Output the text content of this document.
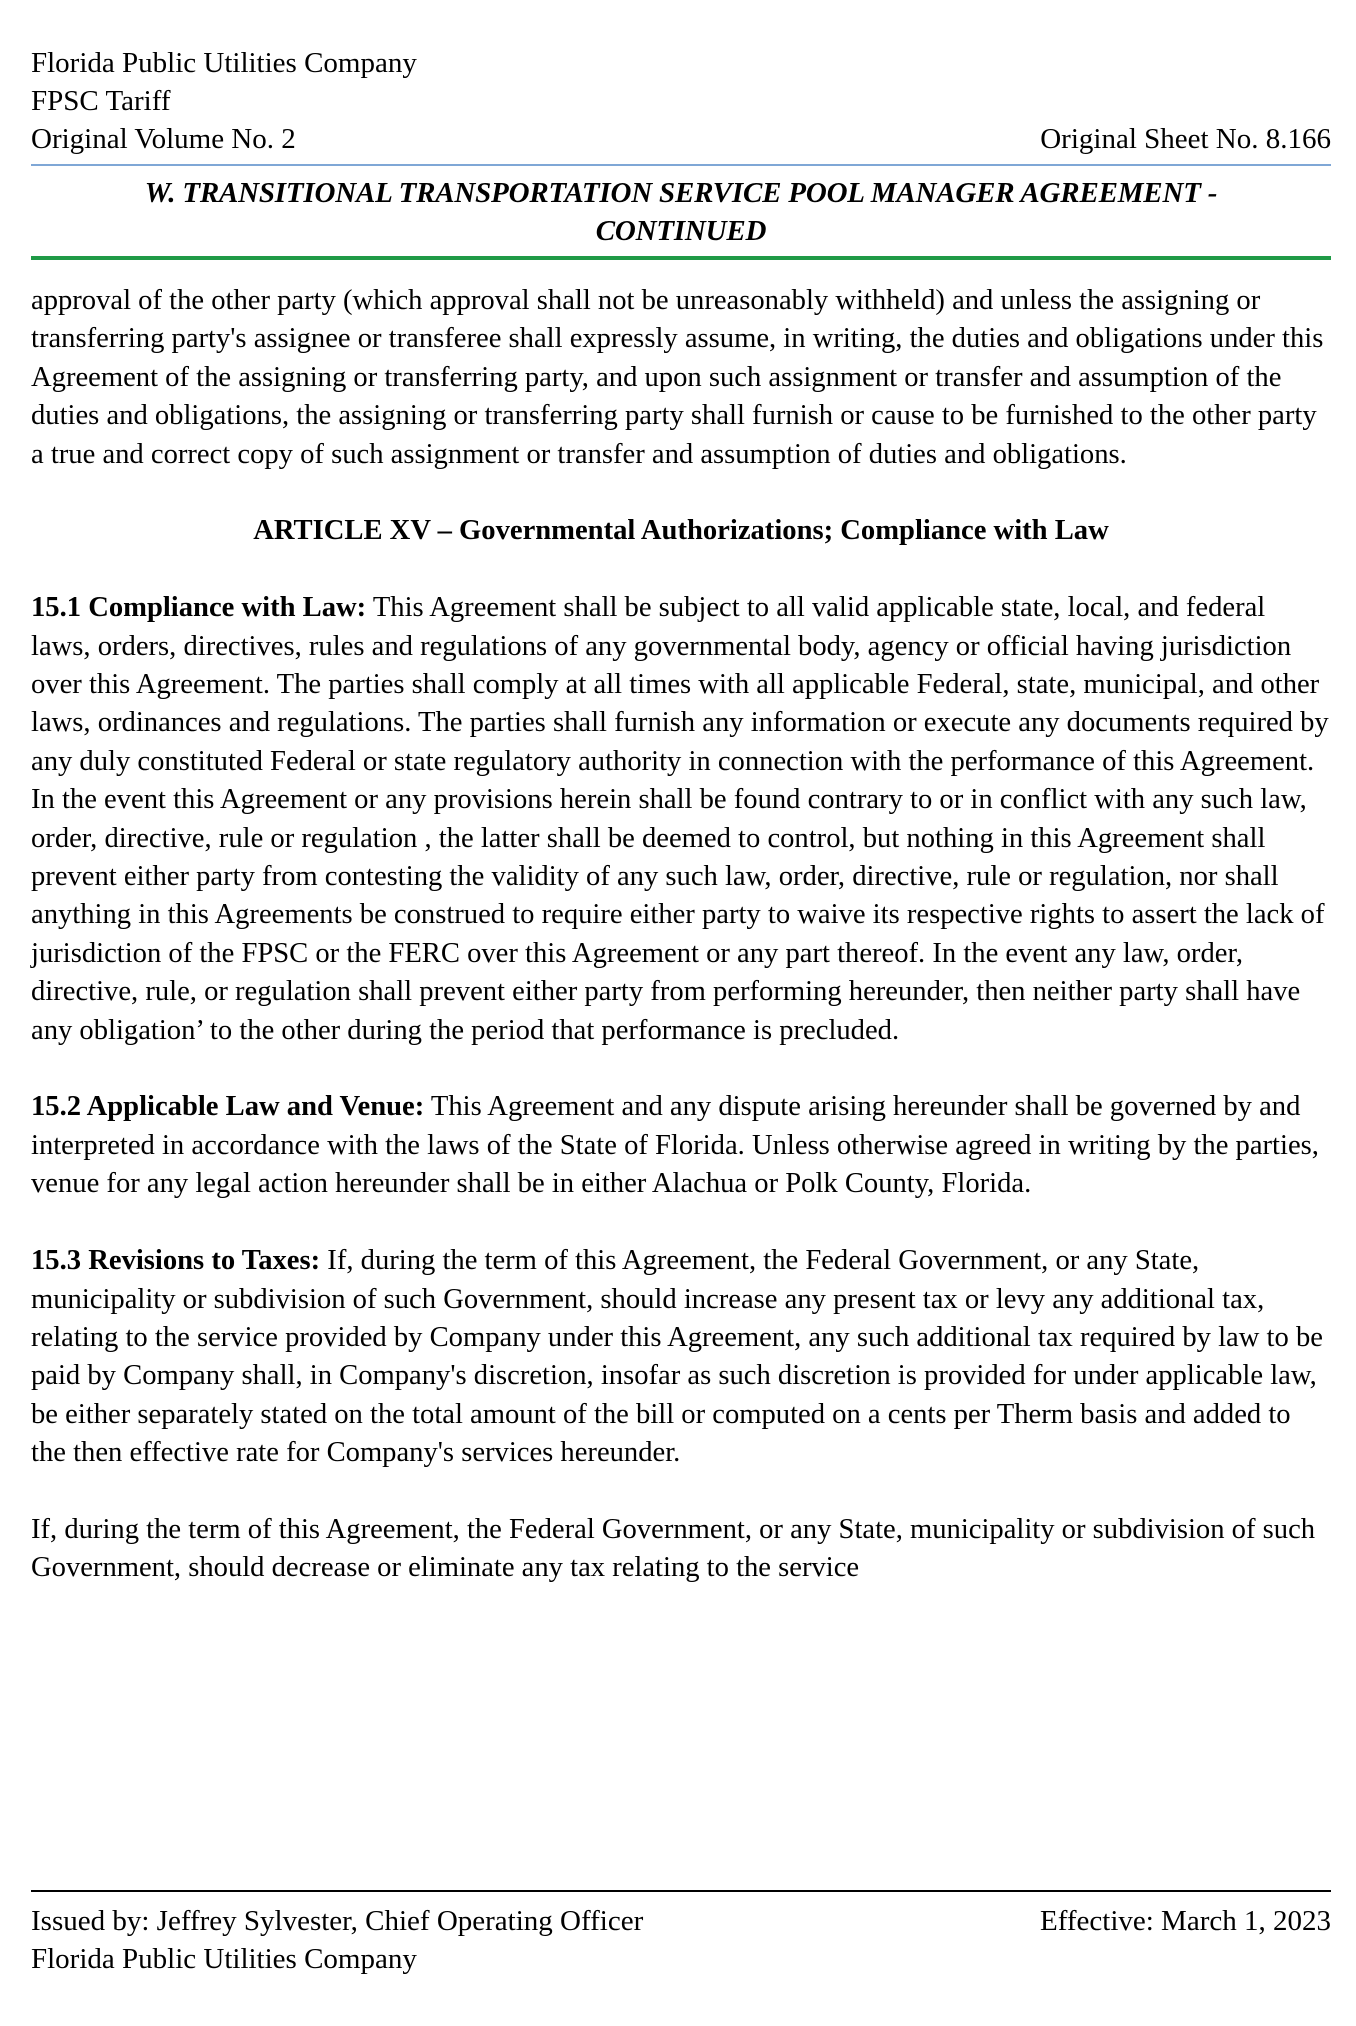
Florida Public Utilities Company
FPSC Tariff
Original Volume No. 2	Original Sheet No. 8.166
W. TRANSITIONAL TRANSPORTATION SERVICE POOL MANAGER AGREEMENT -
CONTINUED

approval of the other party (which approval shall not be unreasonably withheld) and unless the assigning or transferring party's assignee or transferee shall expressly assume, in writing, the duties and obligations under this Agreement of the assigning or transferring party, and upon such assignment or transfer and assumption of the duties and obligations, the assigning or transferring party shall furnish or cause to be furnished to the other party a true and correct copy of such assignment or transfer and assumption of duties and obligations.

ARTICLE XV – Governmental Authorizations; Compliance with Law

15.1 Compliance with Law: This Agreement shall be subject to all valid applicable state, local, and federal laws, orders, directives, rules and regulations of any governmental body, agency or official having jurisdiction over this Agreement. The parties shall comply at all times with all applicable Federal, state, municipal, and other laws, ordinances and regulations. The parties shall furnish any information or execute any documents required by any duly constituted Federal or state regulatory authority in connection with the performance of this Agreement. In the event this Agreement or any provisions herein shall be found contrary to or in conflict with any such law, order, directive, rule or regulation , the latter shall be deemed to control, but nothing in this Agreement shall prevent either party from contesting the validity of any such law, order, directive, rule or regulation, nor shall anything in this Agreements be construed to require either party to waive its respective rights to assert the lack of jurisdiction of the FPSC or the FERC over this Agreement or any part thereof. In the event any law, order, directive, rule, or regulation shall prevent either party from performing hereunder, then neither party shall have any obligation’ to the other during the period that performance is precluded.

15.2 Applicable Law and Venue: This Agreement and any dispute arising hereunder shall be governed by and interpreted in accordance with the laws of the State of Florida. Unless otherwise agreed in writing by the parties, venue for any legal action hereunder shall be in either Alachua or Polk County, Florida.

15.3 Revisions to Taxes: If, during the term of this Agreement, the Federal Government, or any State, municipality or subdivision of such Government, should increase any present tax or levy any additional tax, relating to the service provided by Company under this Agreement, any such additional tax required by law to be paid by Company shall, in Company's discretion, insofar as such discretion is provided for under applicable law, be either separately stated on the total amount of the bill or computed on a cents per Therm basis and added to the then effective rate for Company's services hereunder.

If, during the term of this Agreement, the Federal Government, or any State, municipality or subdivision of such Government, should decrease or eliminate any tax relating to the service

Issued by: Jeffrey Sylvester, Chief Operating Officer	Effective: March 1, 2023
Florida Public Utilities Company
